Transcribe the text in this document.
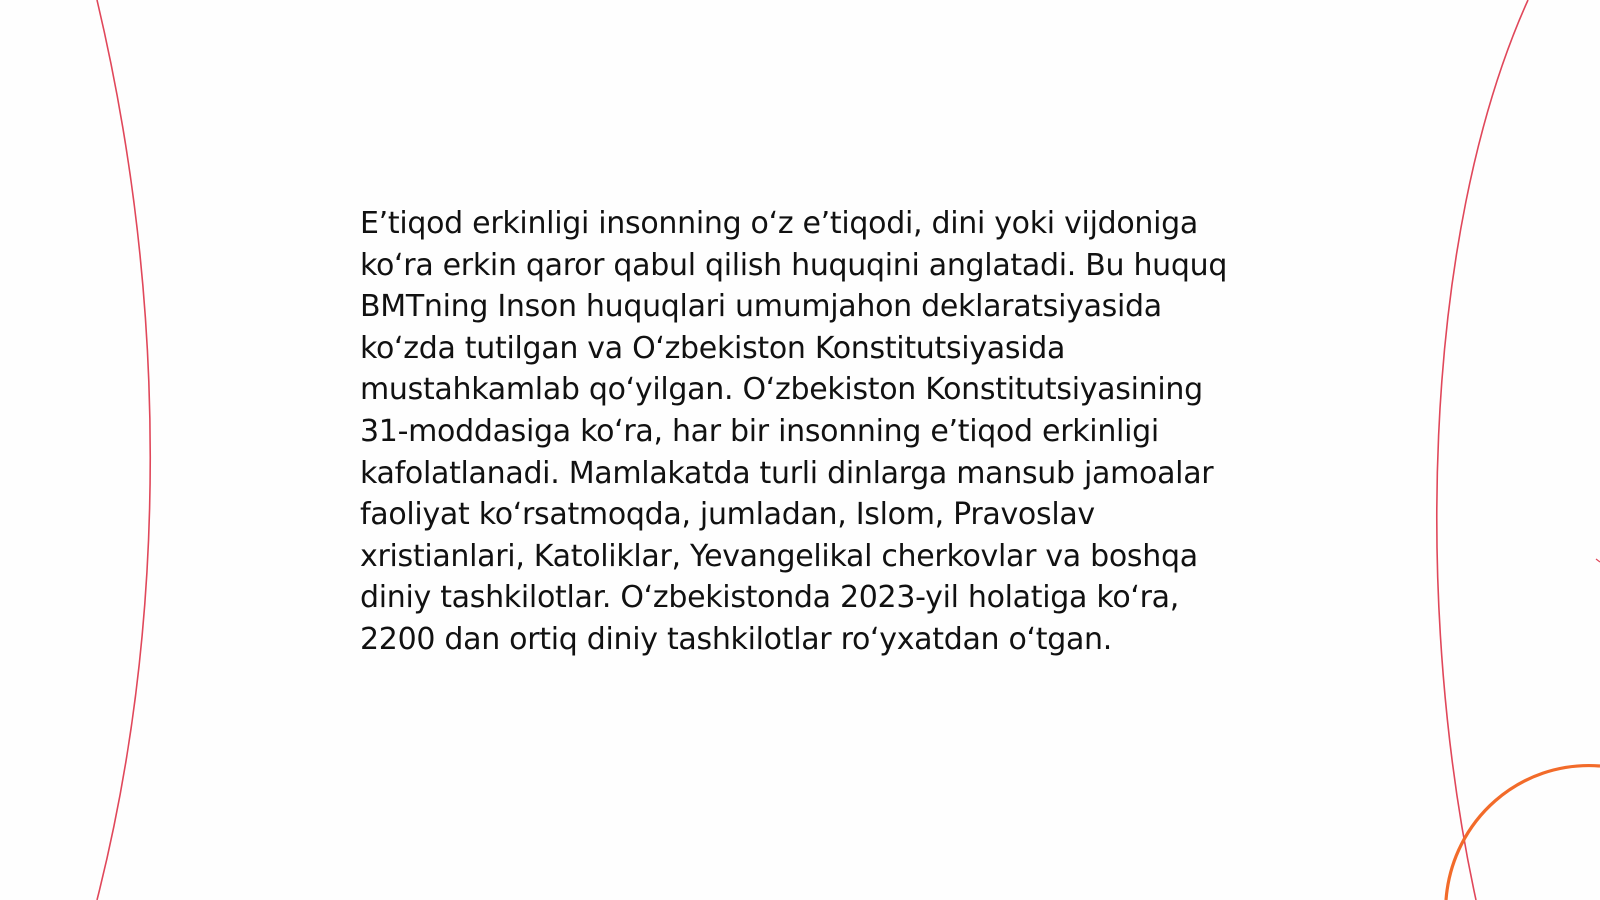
E’tiqod erkinligi insonning o‘z e’tiqodi, dini yoki vijdoniga ko‘ra erkin qaror qabul qilish huquqini anglatadi. Bu huquq BMTning Inson huquqlari umumjahon deklaratsiyasida ko‘zda tutilgan va O‘zbekiston Konstitutsiyasida mustahkamlab qo‘yilgan. O‘zbekiston Konstitutsiyasining 31-moddasiga ko‘ra, har bir insonning e’tiqod erkinligi kafolatlanadi. Mamlakatda turli dinlarga mansub jamoalar faoliyat ko‘rsatmoqda, jumladan, Islom, Pravoslav xristianlari, Katoliklar, Yevangelikal cherkovlar va boshqa diniy tashkilotlar. O‘zbekistonda 2023-yil holatiga ko‘ra, 2200 dan ortiq diniy tashkilotlar ro‘yxatdan o‘tgan.
